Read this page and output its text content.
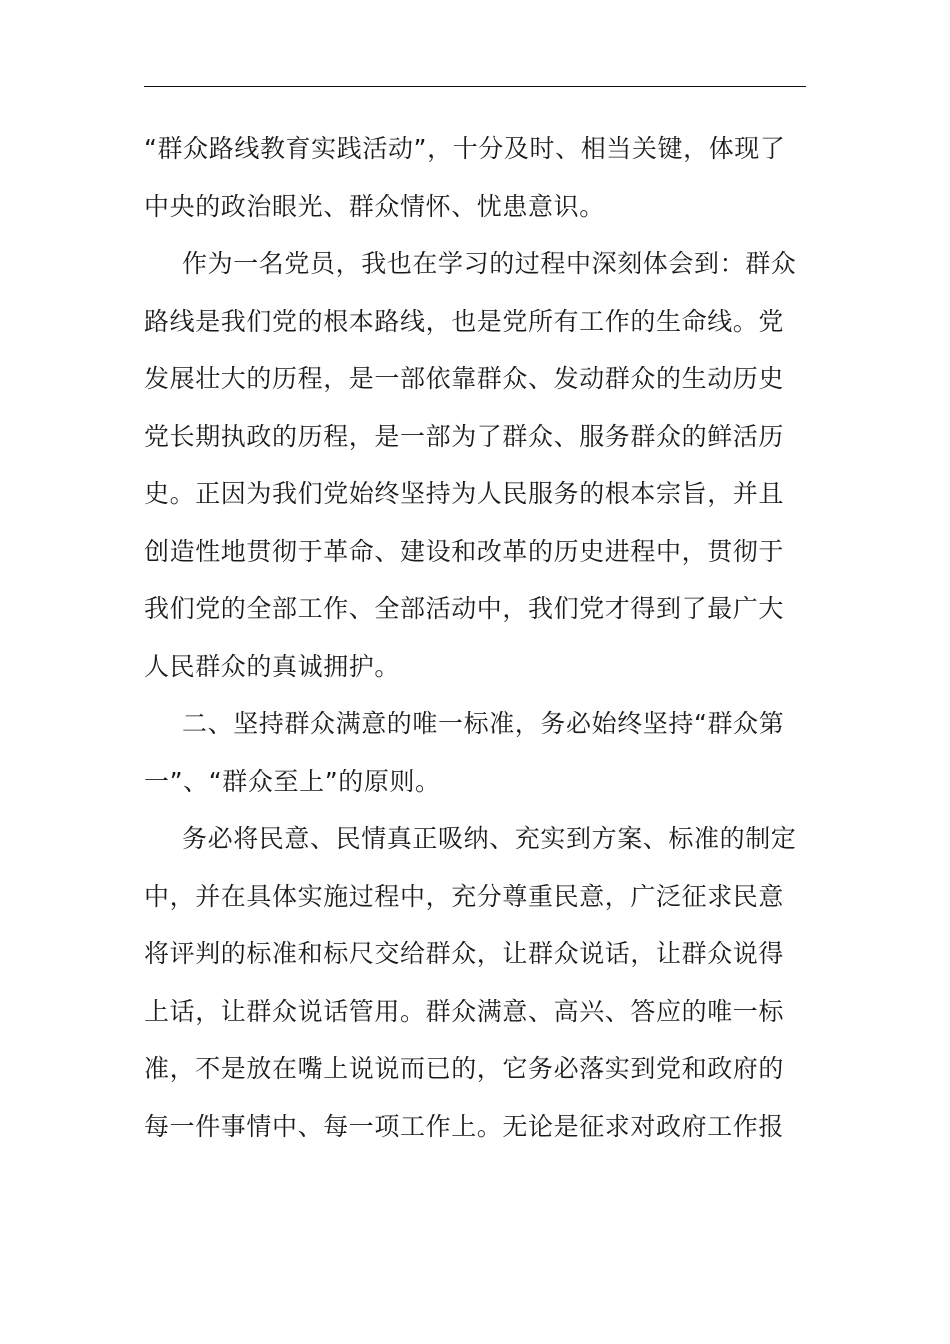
“群众路线教育实践活动”，十分及时、相当关键，体现了
中央的政治眼光、群众情怀、忧患意识。
作为一名党员，我也在学习的过程中深刻体会到：群众
路线是我们党的根本路线，也是党所有工作的生命线。党
发展壮大的历程，是一部依靠群众、发动群众的生动历史
党长期执政的历程，是一部为了群众、服务群众的鲜活历
史。正因为我们党始终坚持为人民服务的根本宗旨，并且
创造性地贯彻于革命、建设和改革的历史进程中，贯彻于
我们党的全部工作、全部活动中，我们党才得到了最广大
人民群众的真诚拥护。
二、坚持群众满意的唯一标准，务必始终坚持“群众第
一”、“群众至上”的原则。
务必将民意、民情真正吸纳、充实到方案、标准的制定
中，并在具体实施过程中，充分尊重民意，广泛征求民意
将评判的标准和标尺交给群众，让群众说话，让群众说得
上话，让群众说话管用。群众满意、高兴、答应的唯一标
准，不是放在嘴上说说而已的，它务必落实到党和政府的
每一件事情中、每一项工作上。无论是征求对政府工作报
